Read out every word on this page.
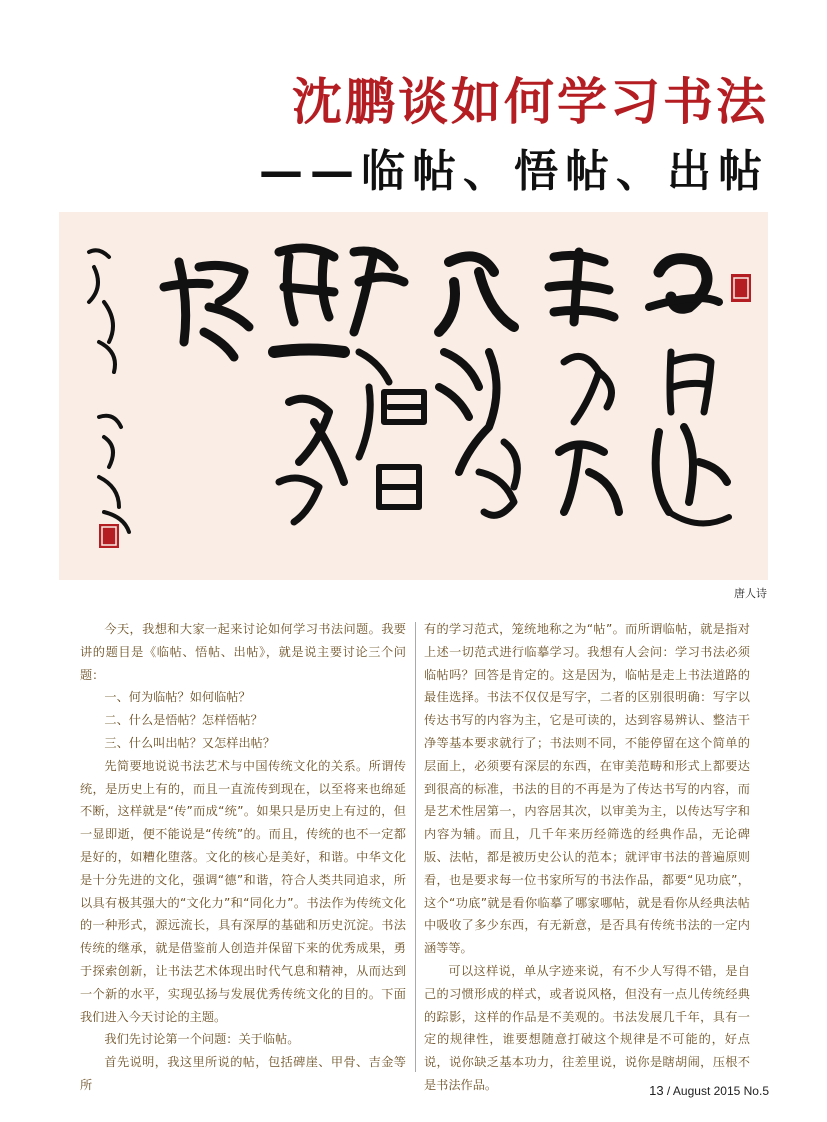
沈鹏谈如何学习书法
——临帖、悟帖、出帖
唐人诗

今天，我想和大家一起来讨论如何学习书法问题。我要讲的题目是《临帖、悟帖、出帖》，就是说主要讨论三个问题：

一、何为临帖？如何临帖？

二、什么是悟帖？怎样悟帖？

三、什么叫出帖？又怎样出帖？

先简要地说说书法艺术与中国传统文化的关系。所谓传统，是历史上有的，而且一直流传到现在，以至将来也绵延不断，这样就是“传”而成“统”。如果只是历史上有过的，但一显即逝，便不能说是“传统”的。而且，传统的也不一定都是好的，如糟化堕落。文化的核心是美好，和谐。中华文化是十分先进的文化，强调“德”和谐，符合人类共同追求，所以具有极其强大的“文化力”和“同化力”。书法作为传统文化的一种形式，源远流长，具有深厚的基础和历史沉淀。书法传统的继承，就是借鉴前人创造并保留下来的优秀成果，勇于探索创新，让书法艺术体现出时代气息和精神，从而达到一个新的水平，实现弘扬与发展优秀传统文化的目的。下面我们进入今天讨论的主题。

我们先讨论第一个问题：关于临帖。

首先说明，我这里所说的帖，包括碑崖、甲骨、吉金等所

有的学习范式，笼统地称之为“帖”。而所谓临帖，就是指对上述一切范式进行临摹学习。我想有人会问：学习书法必须临帖吗？回答是肯定的。这是因为，临帖是走上书法道路的最佳选择。书法不仅仅是写字，二者的区别很明确：写字以传达书写的内容为主，它是可读的，达到容易辨认、整洁干净等基本要求就行了；书法则不同，不能停留在这个简单的层面上，必须要有深层的东西，在审美范畴和形式上都要达到很高的标准，书法的目的不再是为了传达书写的内容，而是艺术性居第一，内容居其次，以审美为主，以传达写字和内容为辅。而且，几千年来历经筛选的经典作品，无论碑版、法帖，都是被历史公认的范本；就评审书法的普遍原则看，也是要求每一位书家所写的书法作品，都要“见功底”，这个“功底”就是看你临摹了哪家哪帖，就是看你从经典法帖中吸收了多少东西，有无新意，是否具有传统书法的一定内涵等等。

可以这样说，单从字迹来说，有不少人写得不错，是自己的习惯形成的样式，或者说风格，但没有一点儿传统经典的踪影，这样的作品是不美观的。书法发展几千年，具有一定的规律性，谁要想随意打破这个规律是不可能的，好点说，说你缺乏基本功力，往差里说，说你是瞎胡闹，压根不是书法作品。	13 / August 2015 No.5
